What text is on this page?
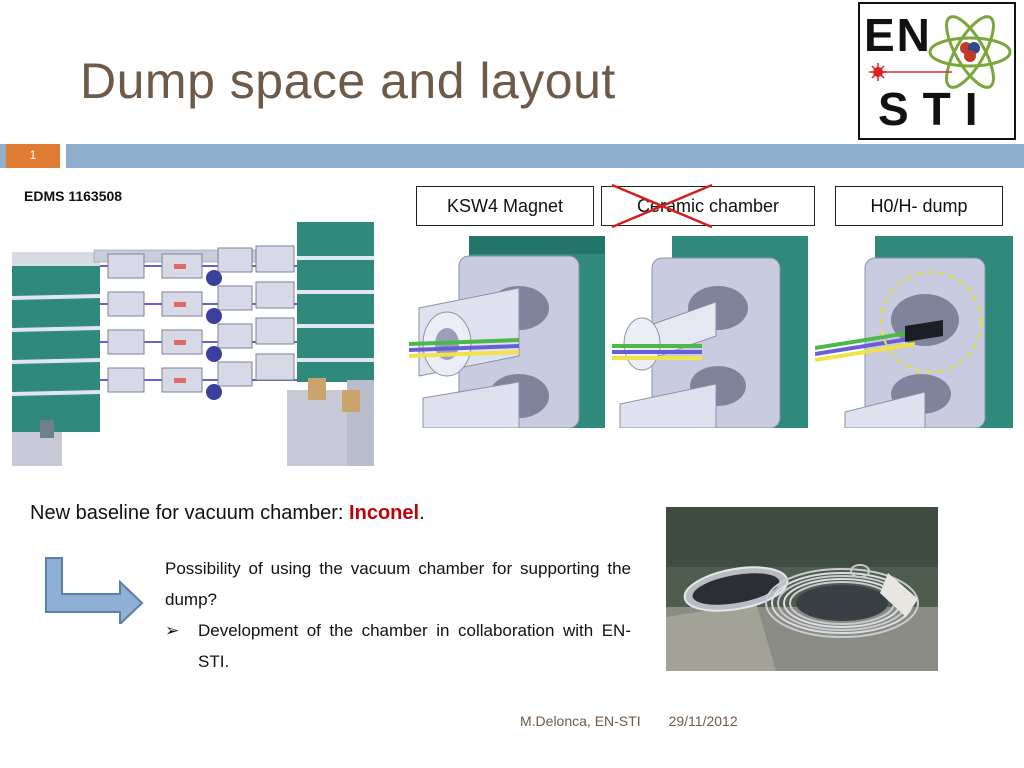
Dump space and layout
EN
STI
1
EDMS 1163508	KSW4 Magnet	Ceramic chamber	H0/H- dump
New baseline for vacuum chamber: Inconel.
Possibility of using the vacuum chamber for supporting the dump?
➢ Development of the chamber in collaboration with EN-STI.
M.Delonca, EN-STI 29/11/2012
